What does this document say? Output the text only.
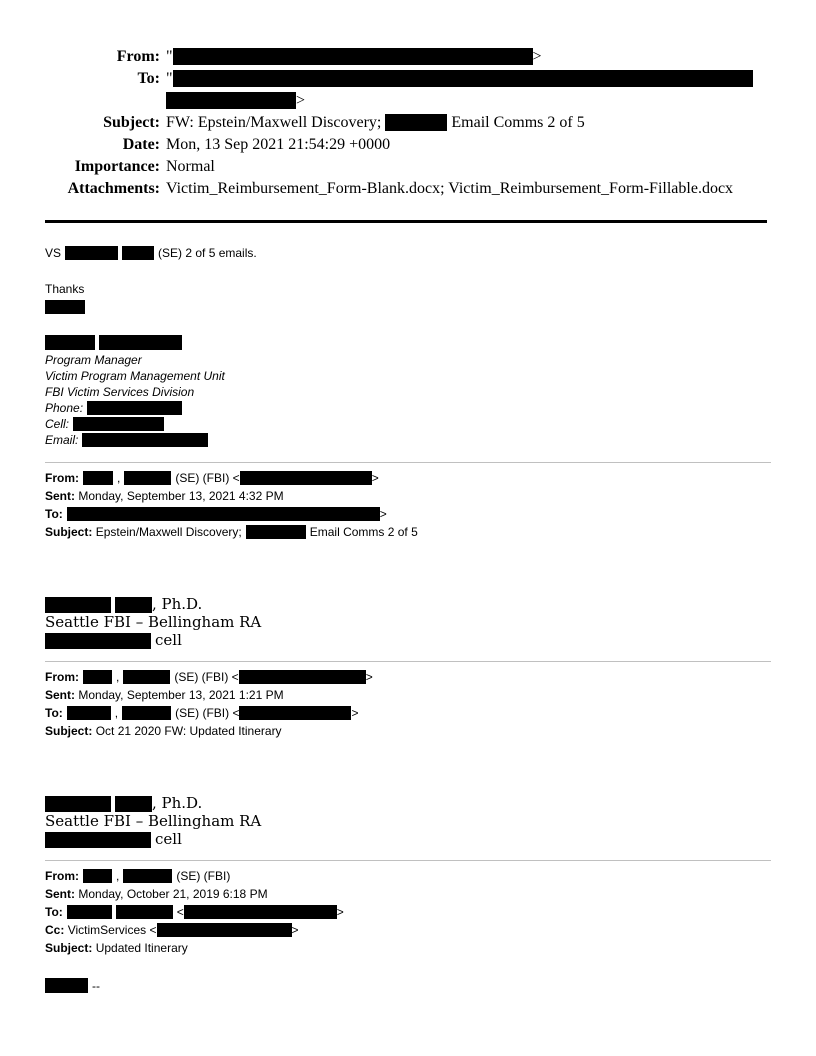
From: "	>
To: "
>
Subject: FW: Epstein/Maxwell Discovery;	Email Comms 2 of 5
Date: Mon, 13 Sep 2021 21:54:29 +0000
Importance: Normal
Attachments: Victim_Reimbursement_Form-Blank.docx; Victim_Reimbursement_Form-Fillable.docx
VS	(SE) 2 of 5 emails.
Thanks
Program Manager
Victim Program Management Unit
FBI Victim Services Division
Phone:
Cell:
Email:
From:	,	(SE) (FBI) <	>
Sent: Monday, September 13, 2021 4:32 PM
To:	>
Subject: Epstein/Maxwell Discovery;	Email Comms 2 of 5
, Ph.D.
Seattle FBI – Bellingham RA
cell
From:	,	(SE) (FBI) <	>
Sent: Monday, September 13, 2021 1:21 PM
To:	,	(SE) (FBI) <	>
Subject: Oct 21 2020 FW: Updated Itinerary
, Ph.D.
Seattle FBI – Bellingham RA
cell
From:	,	(SE) (FBI)
Sent: Monday, October 21, 2019 6:18 PM
To:	<	>
Cc: VictimServices <	>
Subject: Updated Itinerary
--
